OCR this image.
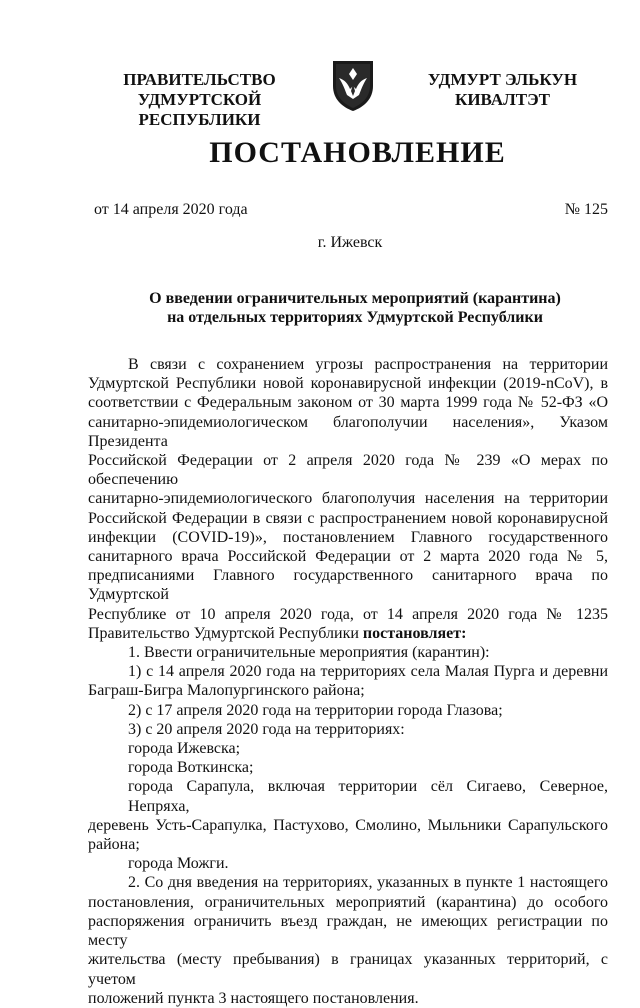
ПРАВИТЕЛЬСТВО
УДМУРТСКОЙ РЕСПУБЛИКИ
УДМУРТ ЭЛЬКУН
КИВАЛТЭТ
ПОСТАНОВЛЕНИЕ
от 14 апреля 2020 года	№ 125
г. Ижевск
О введении ограничительных мероприятий (карантина)
на отдельных территориях Удмуртской Республики

В связи с сохранением угрозы распространения на территории

Удмуртской Республики новой коронавирусной инфекции (2019-nCoV), в

соответствии с Федеральным законом от 30 марта 1999 года № 52-ФЗ «О

санитарно-эпидемиологическом благополучии населения», Указом Президента

Российской Федерации от 2 апреля 2020 года № 239 «О мерах по обеспечению

санитарно-эпидемиологического благополучия населения на территории

Российской Федерации в связи с распространением новой коронавирусной

инфекции (COVID-19)», постановлением Главного государственного

санитарного врача Российской Федерации от 2 марта 2020 года № 5,

предписаниями Главного государственного санитарного врача по Удмуртской

Республике от 10 апреля 2020 года, от 14 апреля 2020 года № 1235

Правительство Удмуртской Республики постановляет:

1. Ввести ограничительные мероприятия (карантин):

1) с 14 апреля 2020 года на территориях села Малая Пурга и деревни

Баграш-Бигра Малопургинского района;

2) с 17 апреля 2020 года на территории города Глазова;

3) с 20 апреля 2020 года на территориях:

города Ижевска;

города Воткинска;

города Сарапула, включая территории сёл Сигаево, Северное, Непряха,

деревень Усть-Сарапулка, Пастухово, Смолино, Мыльники Сарапульского

района;

города Можги.

2. Со дня введения на территориях, указанных в пункте 1 настоящего

постановления, ограничительных мероприятий (карантина) до особого

распоряжения ограничить въезд граждан, не имеющих регистрации по месту

жительства (месту пребывания) в границах указанных территорий, с учетом

положений пункта 3 настоящего постановления.
